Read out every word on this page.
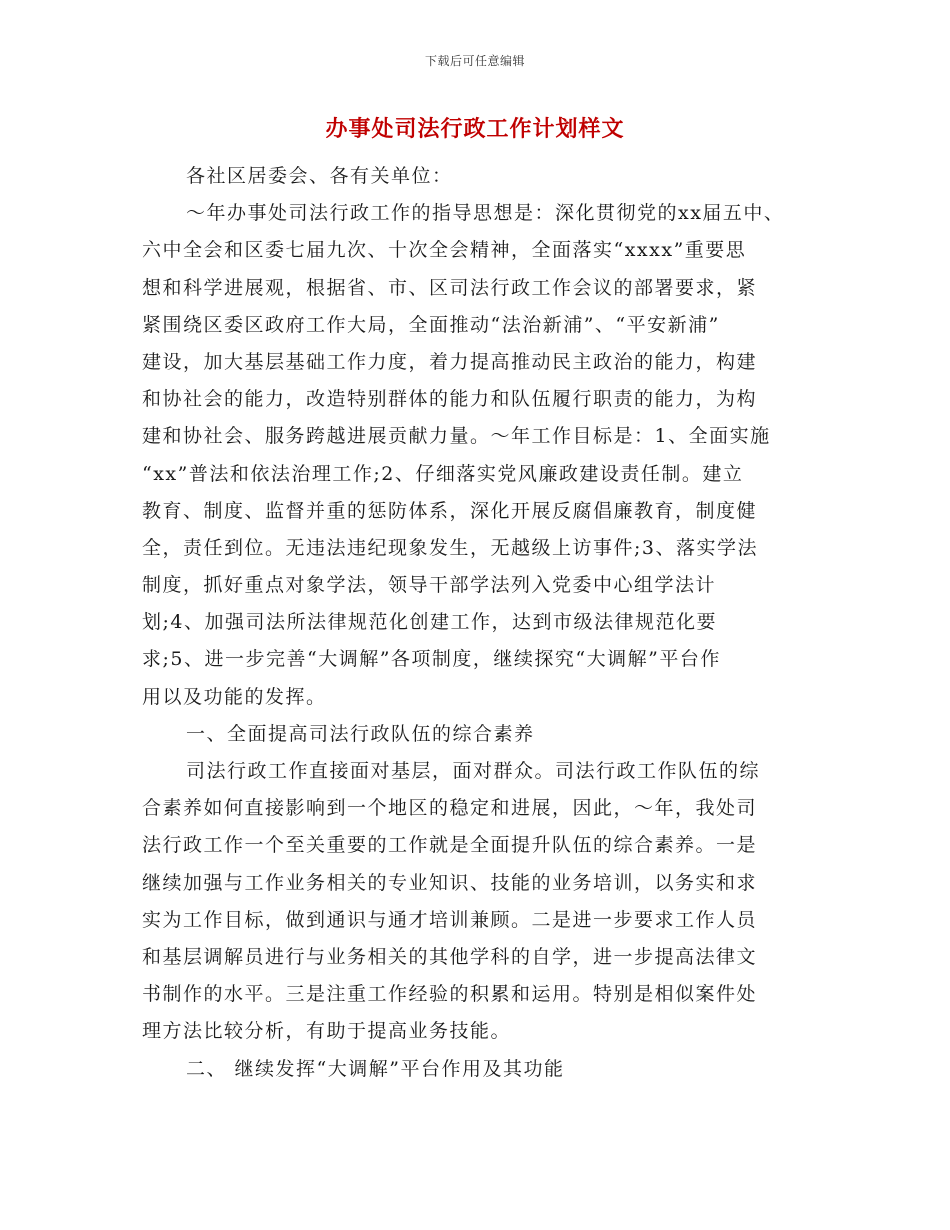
下载后可任意编辑
办事处司法行政工作计划样文
各社区居委会、各有关单位：
～年办事处司法行政工作的指导思想是：深化贯彻党的xx届五中、
六中全会和区委七届九次、十次全会精神，全面落实“xxxx”重要思
想和科学进展观，根据省、市、区司法行政工作会议的部署要求，紧
紧围绕区委区政府工作大局，全面推动“法治新浦”、“平安新浦”
建设，加大基层基础工作力度，着力提高推动民主政治的能力，构建
和协社会的能力，改造特别群体的能力和队伍履行职责的能力，为构
建和协社会、服务跨越进展贡献力量。～年工作目标是：1、全面实施
“xx”普法和依法治理工作;2、仔细落实党风廉政建设责任制。建立
教育、制度、监督并重的惩防体系，深化开展反腐倡廉教育，制度健
全，责任到位。无违法违纪现象发生，无越级上访事件;3、落实学法
制度，抓好重点对象学法，领导干部学法列入党委中心组学法计
划;4、加强司法所法律规范化创建工作，达到市级法律规范化要
求;5、进一步完善“大调解”各项制度，继续探究“大调解”平台作
用以及功能的发挥。
一、全面提高司法行政队伍的综合素养
司法行政工作直接面对基层，面对群众。司法行政工作队伍的综
合素养如何直接影响到一个地区的稳定和进展，因此，～年，我处司
法行政工作一个至关重要的工作就是全面提升队伍的综合素养。一是
继续加强与工作业务相关的专业知识、技能的业务培训，以务实和求
实为工作目标，做到通识与通才培训兼顾。二是进一步要求工作人员
和基层调解员进行与业务相关的其他学科的自学，进一步提高法律文
书制作的水平。三是注重工作经验的积累和运用。特别是相似案件处
理方法比较分析，有助于提高业务技能。
二、 继续发挥“大调解”平台作用及其功能
